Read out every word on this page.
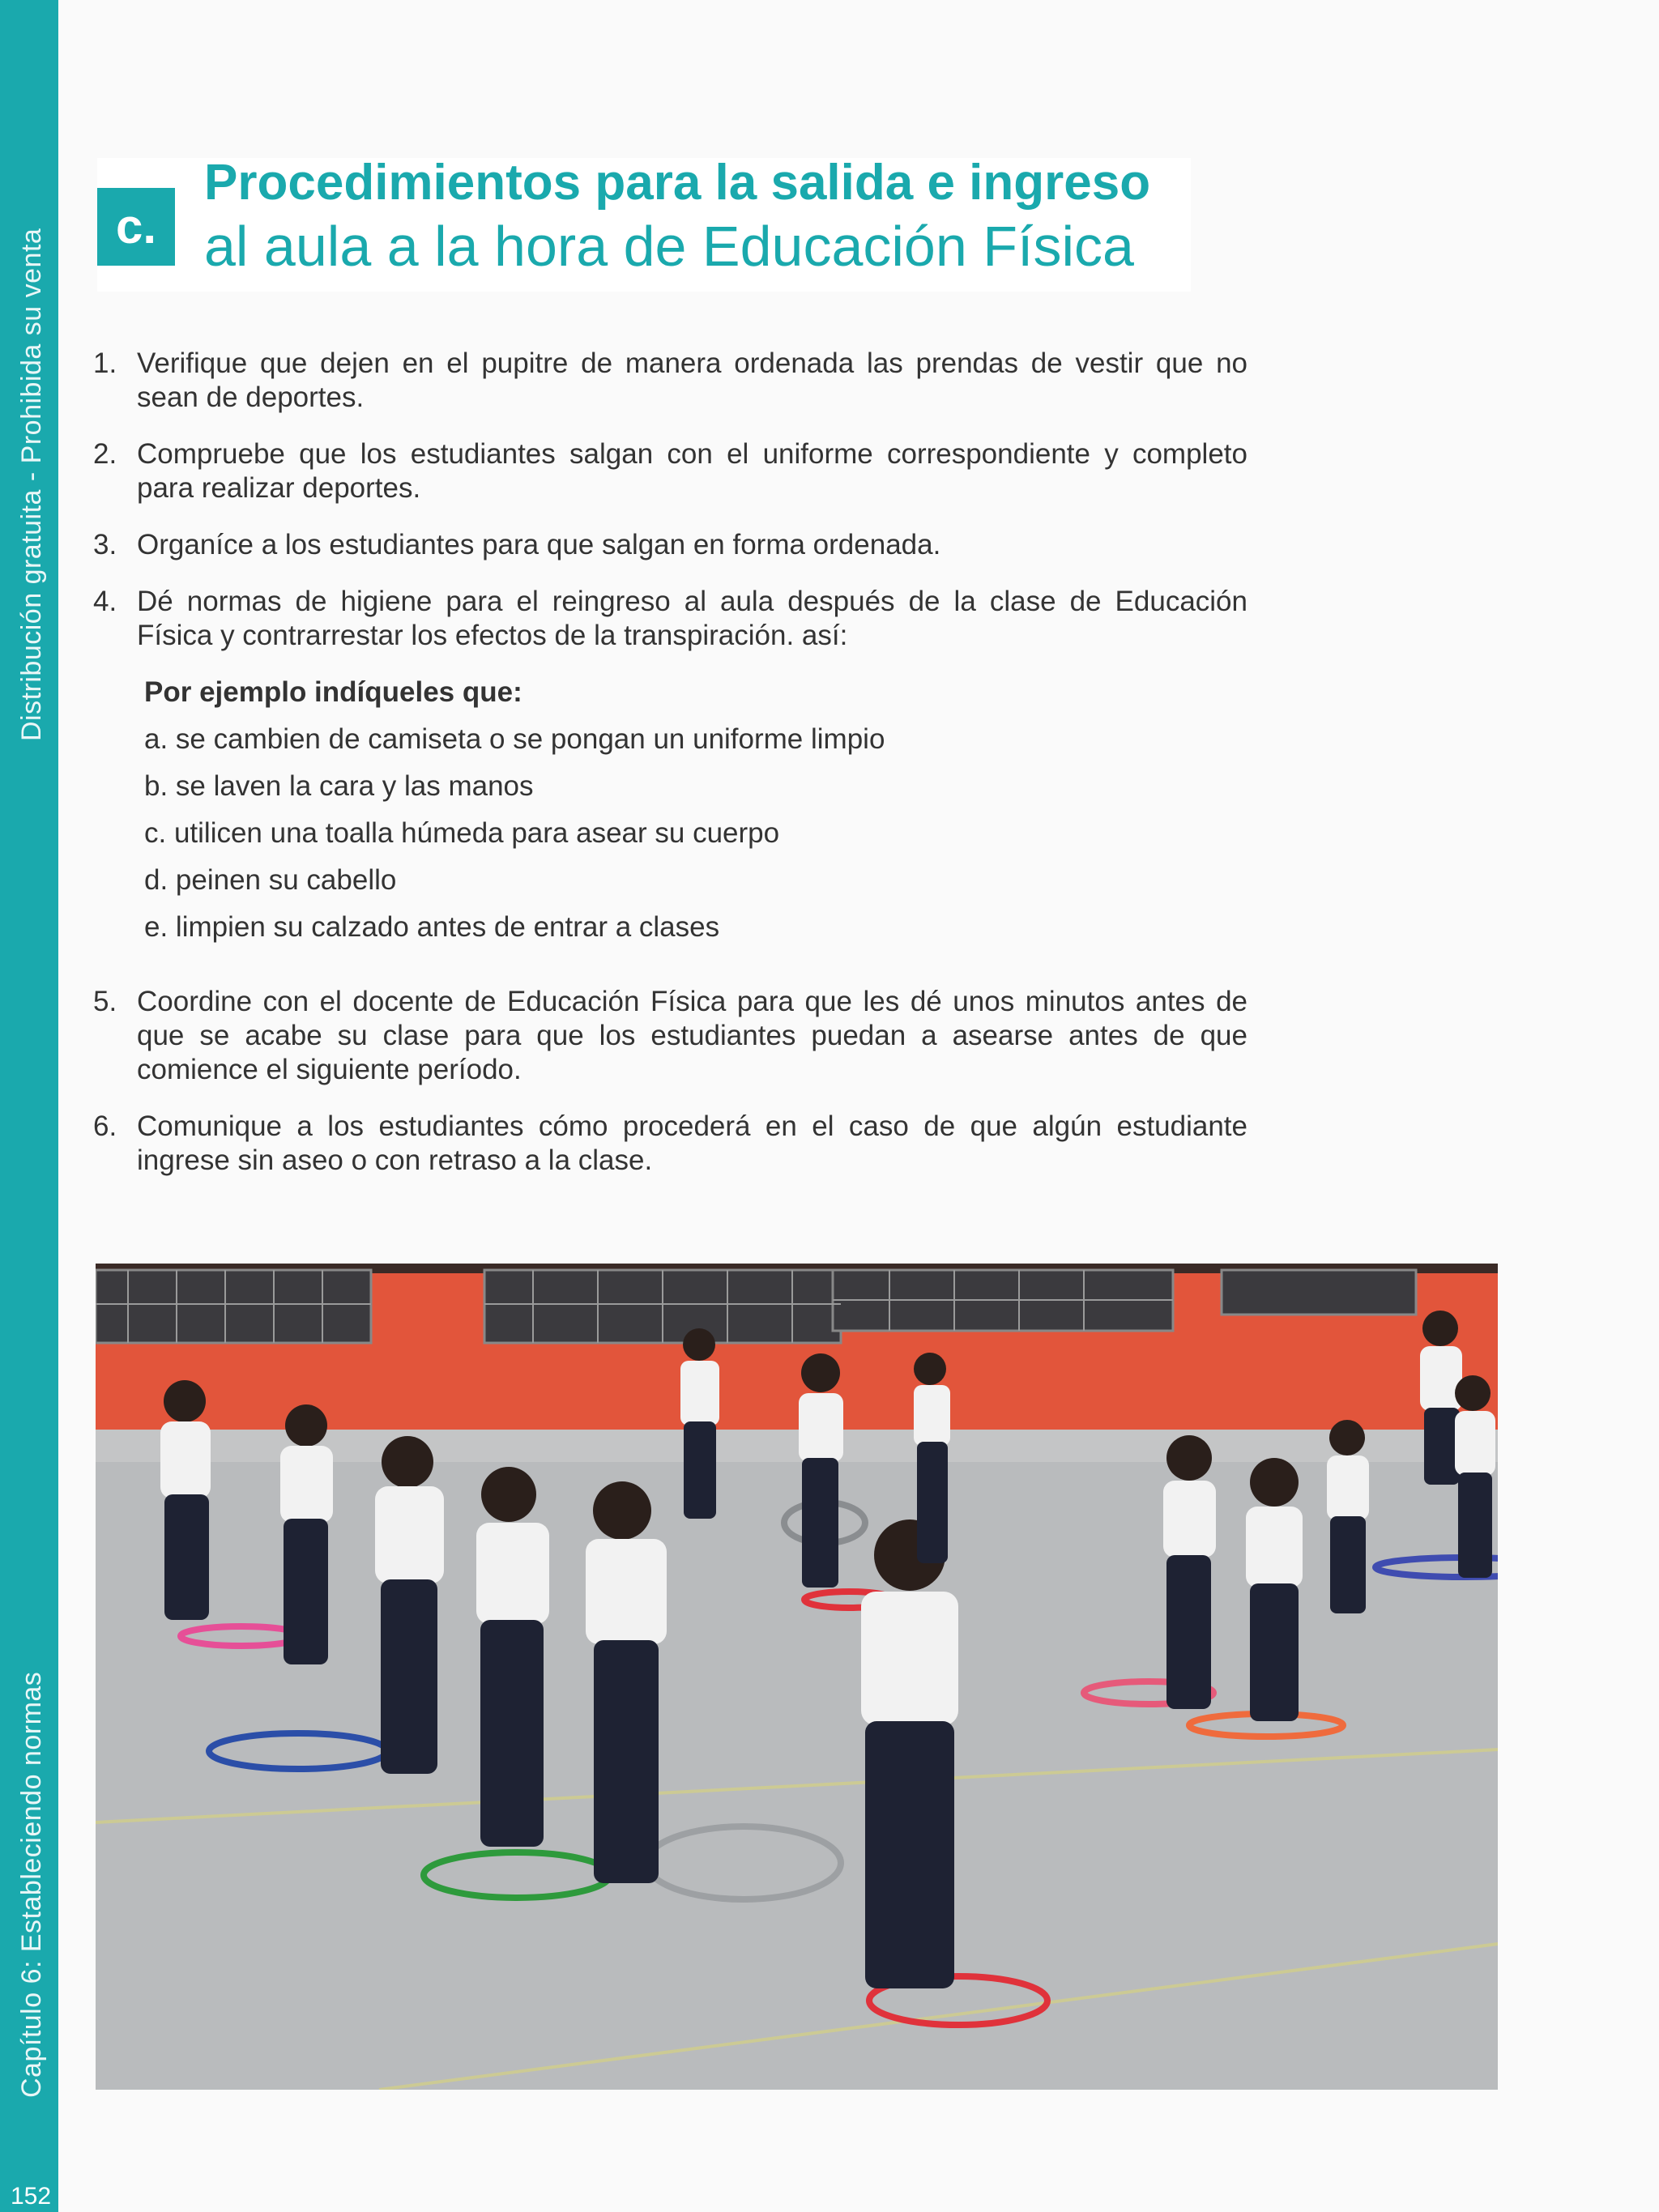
Distribución gratuita - Prohibida su venta
Capítulo 6: Estableciendo normas
152
c.
Procedimientos para la salida e ingreso
al aula a la hora de Educación Física
1. Verifique que dejen en el pupitre de manera ordenada las prendas de vestir que no sean de deportes.
2. Compruebe que los estudiantes salgan con el uniforme correspondiente y completo para realizar deportes.
3. Organíce a los estudiantes para que salgan en forma ordenada.
4. Dé normas de higiene para el reingreso al aula después de la clase de Educación Física y contrarrestar los efectos de la transpiración. así:
Por ejemplo indíqueles que:
a. se cambien de camiseta o se pongan un uniforme limpio
b. se laven la cara y las manos
c. utilicen una toalla húmeda para asear su cuerpo
d. peinen su cabello
e. limpien su calzado antes de entrar a clases
5. Coordine con el docente de Educación Física para que les dé unos minutos antes de que se acabe su clase para que los estudiantes puedan a asearse antes de que comience el siguiente período.
6. Comunique a los estudiantes cómo procederá en el caso de que algún estudiante ingrese sin aseo o con retraso a la clase.
